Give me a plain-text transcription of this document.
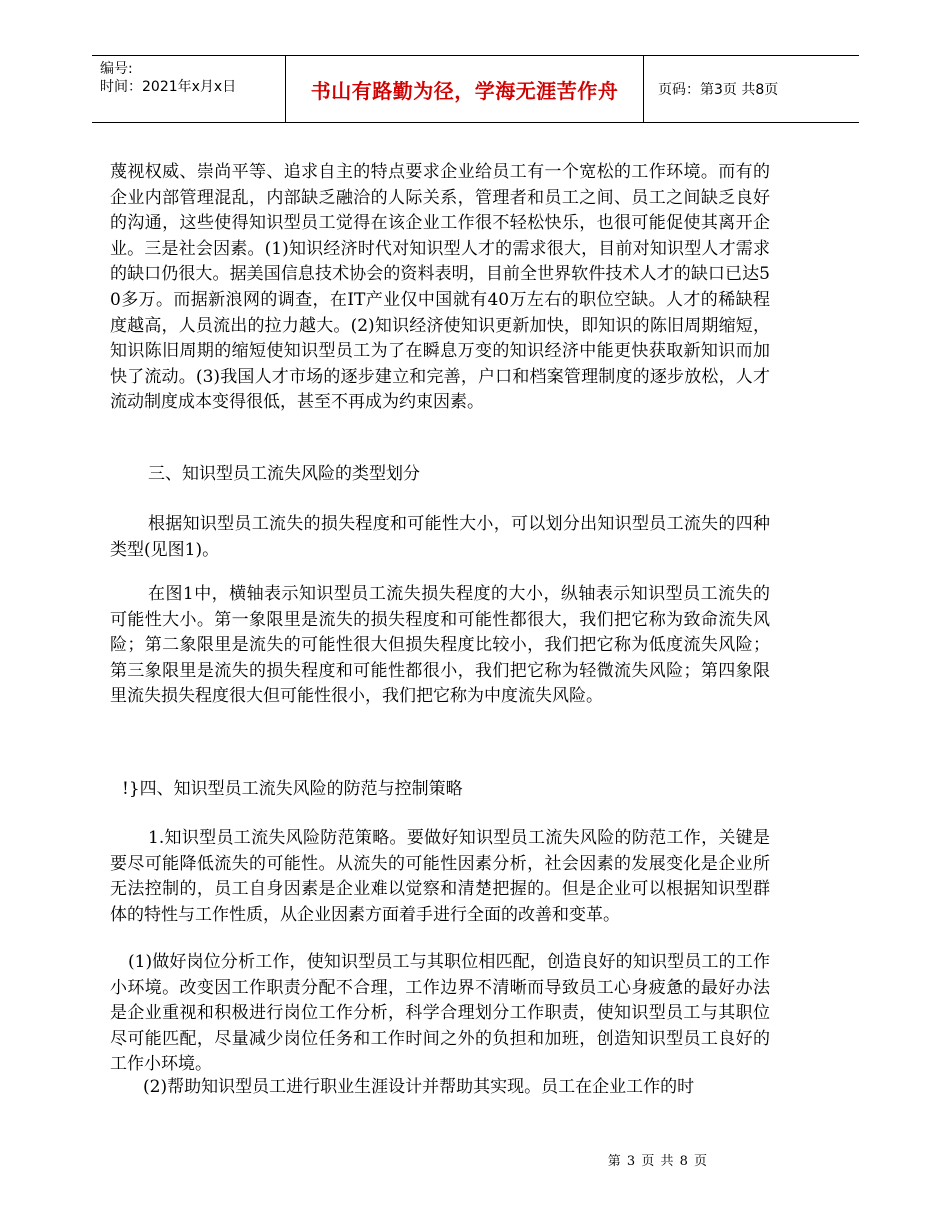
编号:
时间：2021年x月x日	书山有路勤为径，学海无涯苦作舟	页码：第3页 共8页

蔑视权威、崇尚平等、追求自主的特点要求企业给员工有一个宽松的工作环境。而有的企业内部管理混乱，内部缺乏融洽的人际关系，管理者和员工之间、员工之间缺乏良好的沟通，这些使得知识型员工觉得在该企业工作很不轻松快乐，也很可能促使其离开企业。三是社会因素。(1)知识经济时代对知识型人才的需求很大，目前对知识型人才需求的缺口仍很大。据美国信息技术协会的资料表明，目前全世界软件技术人才的缺口已达50多万。而据新浪网的调查，在IT产业仅中国就有40万左右的职位空缺。人才的稀缺程度越高，人员流出的拉力越大。(2)知识经济使知识更新加快，即知识的陈旧周期缩短，知识陈旧周期的缩短使知识型员工为了在瞬息万变的知识经济中能更快获取新知识而加快了流动。(3)我国人才市场的逐步建立和完善，户口和档案管理制度的逐步放松，人才流动制度成本变得很低，甚至不再成为约束因素。

三、知识型员工流失风险的类型划分

根据知识型员工流失的损失程度和可能性大小，可以划分出知识型员工流失的四种类型(见图1)。

在图1中，横轴表示知识型员工流失损失程度的大小，纵轴表示知识型员工流失的可能性大小。第一象限里是流失的损失程度和可能性都很大，我们把它称为致命流失风险；第二象限里是流失的可能性很大但损失程度比较小，我们把它称为低度流失风险；第三象限里是流失的损失程度和可能性都很小，我们把它称为轻微流失风险；第四象限里流失损失程度很大但可能性很小，我们把它称为中度流失风险。

!}四、知识型员工流失风险的防范与控制策略

1.知识型员工流失风险防范策略。要做好知识型员工流失风险的防范工作，关键是要尽可能降低流失的可能性。从流失的可能性因素分析，社会因素的发展变化是企业所无法控制的，员工自身因素是企业难以觉察和清楚把握的。但是企业可以根据知识型群体的特性与工作性质，从企业因素方面着手进行全面的改善和变革。

(1)做好岗位分析工作，使知识型员工与其职位相匹配，创造良好的知识型员工的工作小环境。改变因工作职责分配不合理，工作边界不清晰而导致员工心身疲惫的最好办法是企业重视和积极进行岗位工作分析，科学合理划分工作职责，使知识型员工与其职位尽可能匹配，尽量减少岗位任务和工作时间之外的负担和加班，创造知识型员工良好的工作小环境。

(2)帮助知识型员工进行职业生涯设计并帮助其实现。员工在企业工作的时

第 3 页 共 8 页
